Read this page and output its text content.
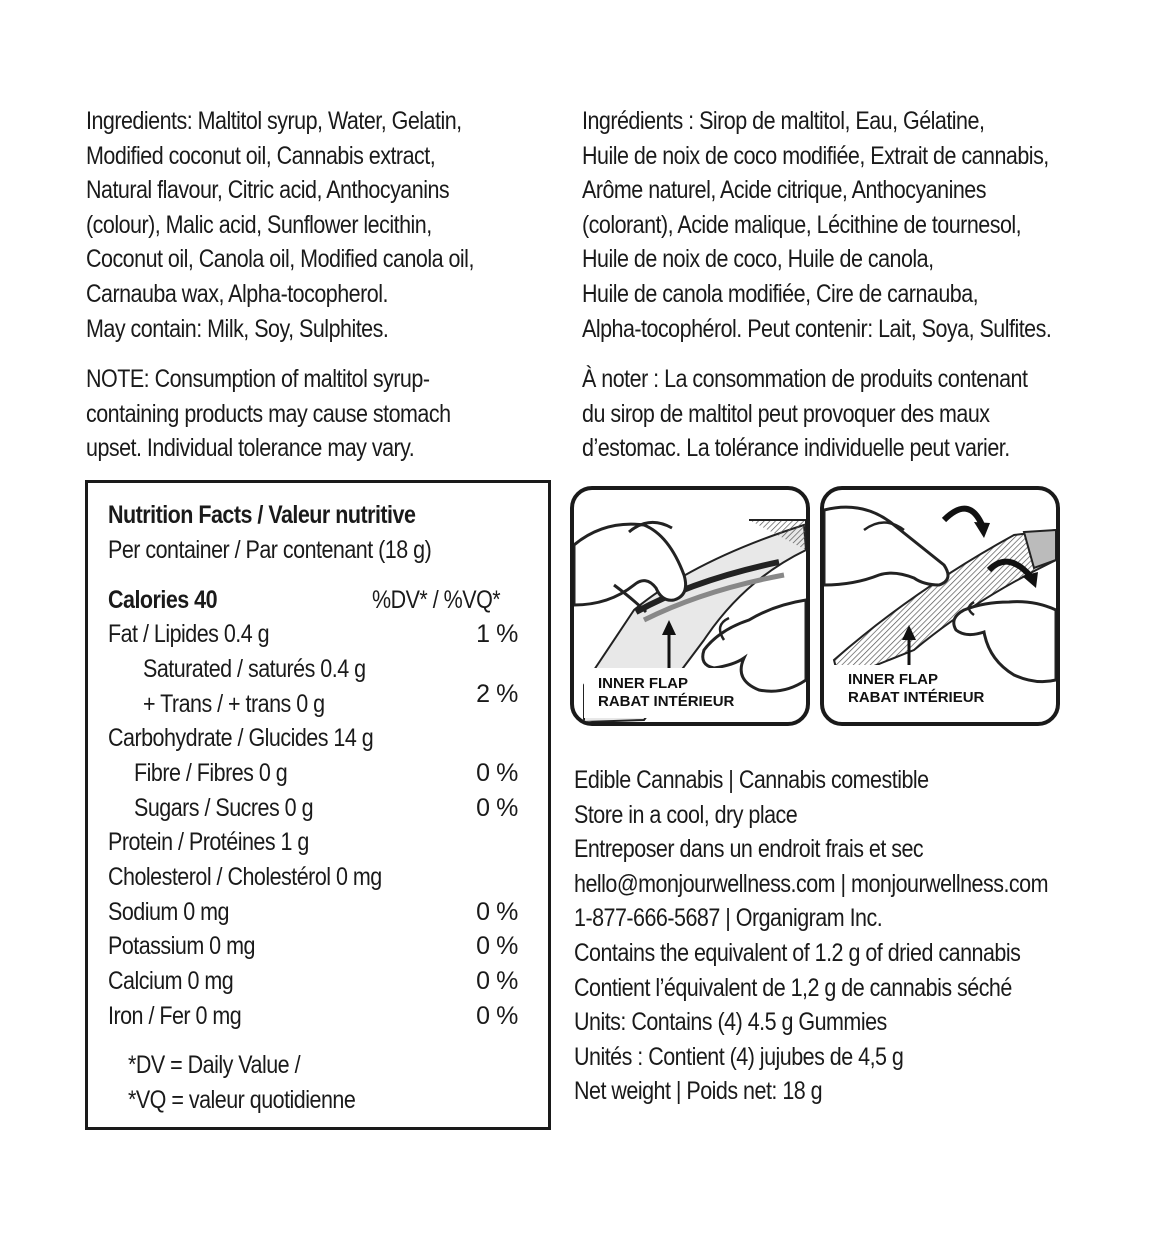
Ingredients: Maltitol syrup, Water, Gelatin,
Modified coconut oil, Cannabis extract,
Natural flavour, Citric acid, Anthocyanins
(colour), Malic acid, Sunflower lecithin,
Coconut oil, Canola oil, Modified canola oil,
Carnauba wax, Alpha-tocopherol.
May contain: Milk, Soy, Sulphites.
NOTE: Consumption of maltitol syrup-
containing products may cause stomach
upset. Individual tolerance may vary.
Ingrédients : Sirop de maltitol, Eau, Gélatine,
Huile de noix de coco modifiée, Extrait de cannabis,
Arôme naturel, Acide citrique, Anthocyanines
(colorant), Acide malique, Lécithine de tournesol,
Huile de noix de coco, Huile de canola,
Huile de canola modifiée, Cire de carnauba,
Alpha-tocophérol. Peut contenir: Lait, Soya, Sulfites.
À noter : La consommation de produits contenant
du sirop de maltitol peut provoquer des maux
d’estomac. La tolérance individuelle peut varier.
Nutrition Facts / Valeur nutritive
Per container / Par contenant (18 g)
Calories 40	%DV* / %VQ*
Fat / Lipides 0.4 g	1 %
Saturated / saturés 0.4 g
+ Trans / + trans 0 g	2 %
Carbohydrate / Glucides 14 g
Fibre / Fibres 0 g	0 %
Sugars / Sucres 0 g	0 %
Protein / Protéines 1 g
Cholesterol / Cholestérol 0 mg
Sodium 0 mg	0 %
Potassium 0 mg	0 %
Calcium 0 mg	0 %
Iron / Fer 0 mg	0 %
*DV = Daily Value /
*VQ = valeur quotidienne
INNER FLAP
RABAT INTÉRIEUR
INNER FLAP
RABAT INTÉRIEUR
Edible Cannabis | Cannabis comestible
Store in a cool, dry place
Entreposer dans un endroit frais et sec
hello@monjourwellness.com | monjourwellness.com
1-877-666-5687 | Organigram Inc.
Contains the equivalent of 1.2 g of dried cannabis
Contient l’équivalent de 1,2 g de cannabis séché
Units: Contains (4) 4.5 g Gummies
Unités : Contient (4) jujubes de 4,5 g
Net weight | Poids net: 18 g
